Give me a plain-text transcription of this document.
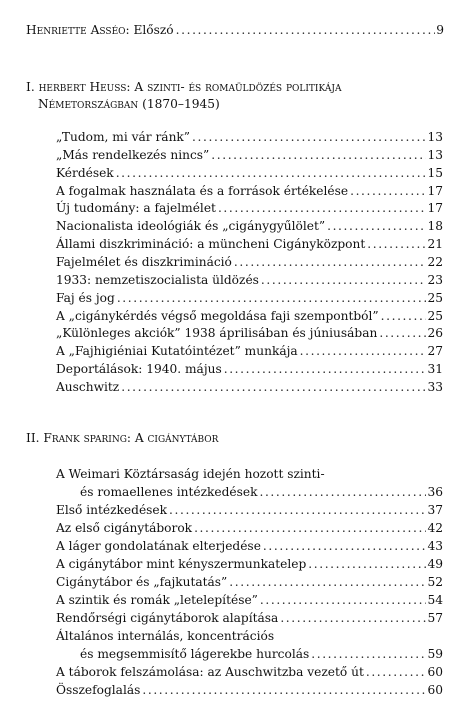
Henriette Asséo: Előszó .....	9
I. herbert Heuss: A szinti- és romaüldözés politikája
Németországban (1870–1945)
„Tudom, mi vár ránk” .....	13
„Más rendelkezés nincs” .....	13
Kérdések .....	15
A fogalmak használata és a források értékelése .....	17
Új tudomány: a fajelmélet .....	17
Nacionalista ideológiák és „cigánygyűlölet” .....	18
Állami diszkrimináció: a müncheni Cigányközpont .....	21
Fajelmélet és diszkrimináció .....	22
1933: nemzetiszocialista üldözés .....	23
Faj és jog .....	25
A „cigánykérdés végső megoldása faji szempontból” .....	25
„Különleges akciók” 1938 áprilisában és júniusában .....	26
A „Fajhigiéniai Kutatóintézet” munkája .....	27
Deportálások: 1940. május .....	31
Auschwitz .....	33
II. Frank sparing: A cigánytábor
A Weimari Köztársaság idején hozott szinti-
és romaellenes intézkedések .....	36
Első intézkedések .....	37
Az első cigánytáborok .....	42
A láger gondolatának elterjedése .....	43
A cigánytábor mint kényszermunkatelep .....	49
Cigánytábor és „fajkutatás” .....	52
A szintik és romák „letelepítése” .....	54
Rendőrségi cigánytáborok alapítása .....	57
Általános internálás, koncentrációs
és megsemmisítő lágerekbe hurcolás .....	59
A táborok felszámolása: az Auschwitzba vezető út .....	60
Összefoglalás .....	60
